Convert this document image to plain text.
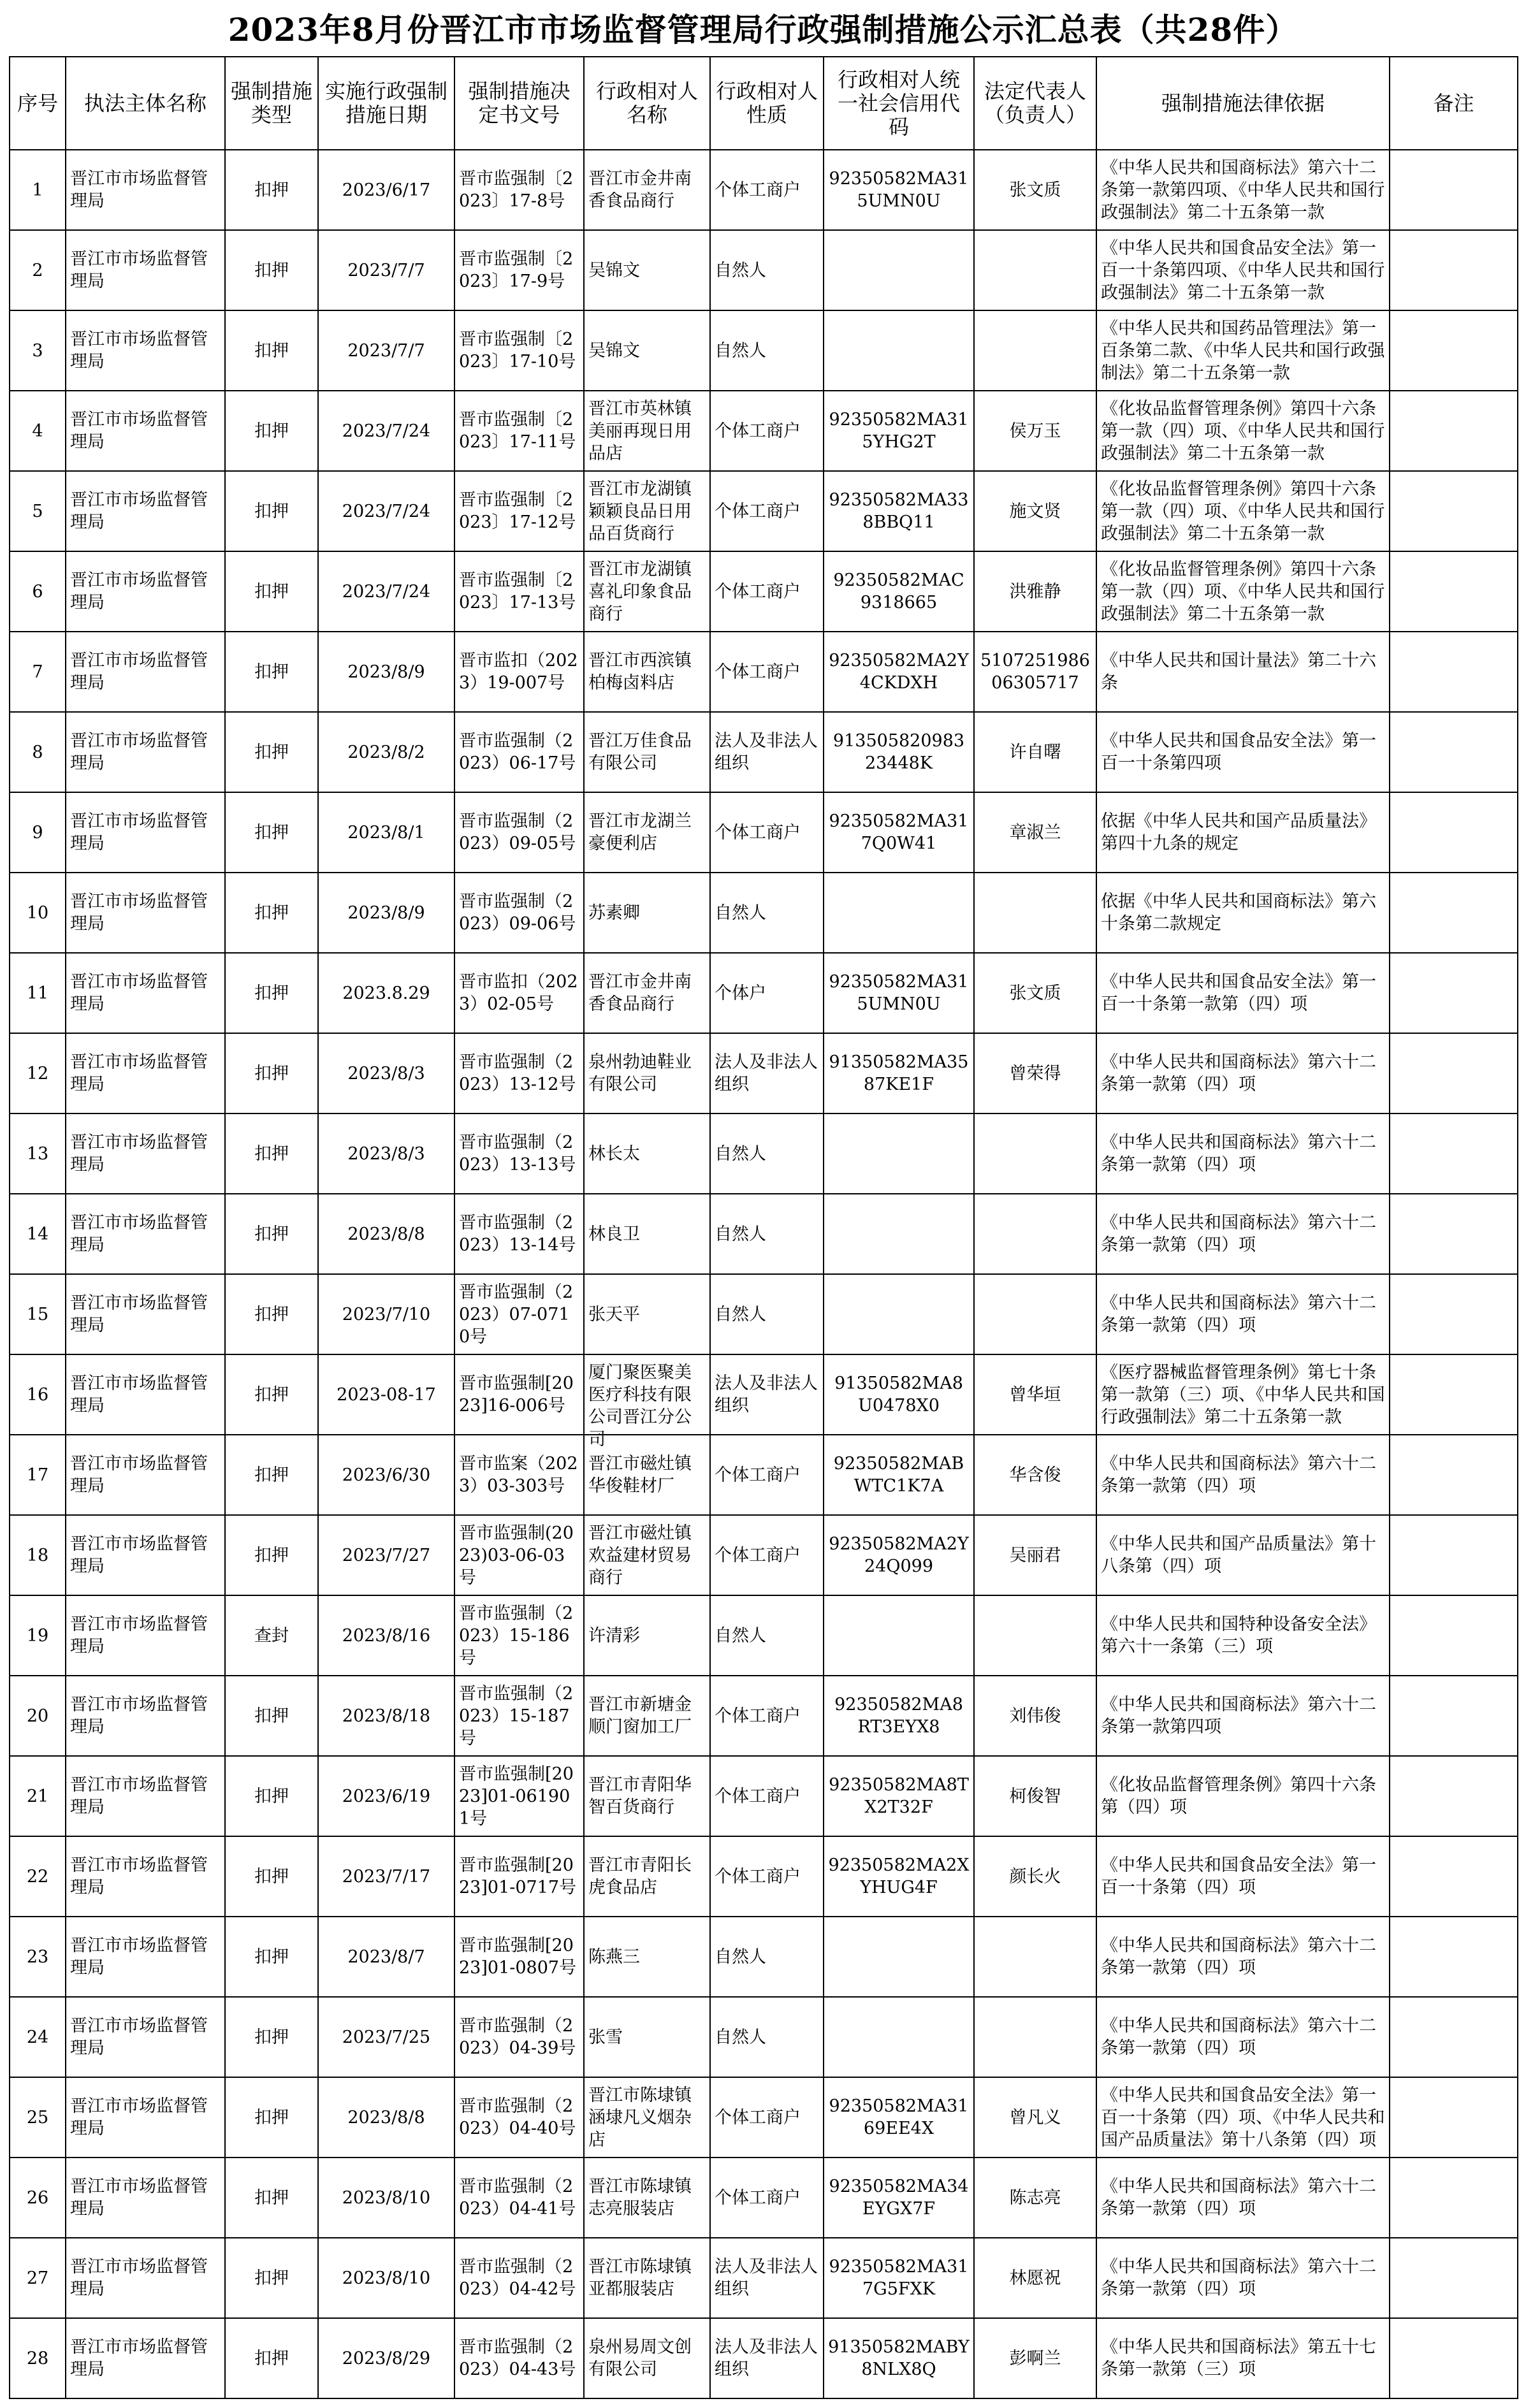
2023年8月份晋江市市场监督管理局行政强制措施公示汇总表（共28件）
序号	执法主体名称	强制措施类型	实施行政强制措施日期	强制措施决定书文号	行政相对人名称	行政相对人性质	行政相对人统一社会信用代码	法定代表人（负责人）	强制措施法律依据	备注

1	晋江市市场监督管理局	扣押	2023/6/17	晋市监强制〔2023〕17-8号	晋江市金井南香食品商行	个体工商户	92350582MA315UMN0U	张文质	《中华人民共和国商标法》第六十二条第一款第四项、《中华人民共和国行政强制法》第二十五条第一款	

2	晋江市市场监督管理局	扣押	2023/7/7	晋市监强制〔2023〕17-9号	吴锦文	自然人			《中华人民共和国食品安全法》第一百一十条第四项、《中华人民共和国行政强制法》第二十五条第一款	

3	晋江市市场监督管理局	扣押	2023/7/7	晋市监强制〔2023〕17-10号	吴锦文	自然人			《中华人民共和国药品管理法》第一百条第二款、《中华人民共和国行政强制法》第二十五条第一款	

4	晋江市市场监督管理局	扣押	2023/7/24	晋市监强制〔2023〕17-11号	晋江市英林镇美丽再现日用品店	个体工商户	92350582MA315YHG2T	侯万玉	《化妆品监督管理条例》第四十六条第一款（四）项、《中华人民共和国行政强制法》第二十五条第一款	

5	晋江市市场监督管理局	扣押	2023/7/24	晋市监强制〔2023〕17-12号	晋江市龙湖镇颖颖良品日用品百货商行	个体工商户	92350582MA338BBQ11	施文贤	《化妆品监督管理条例》第四十六条第一款（四）项、《中华人民共和国行政强制法》第二十五条第一款	

6	晋江市市场监督管理局	扣押	2023/7/24	晋市监强制〔2023〕17-13号	晋江市龙湖镇喜礼印象食品商行	个体工商户	92350582MAC9318665	洪雅静	《化妆品监督管理条例》第四十六条第一款（四）项、《中华人民共和国行政强制法》第二十五条第一款	

7	晋江市市场监督管理局	扣押	2023/8/9	晋市监扣（2023）19-007号	晋江市西滨镇柏梅卤料店	个体工商户	92350582MA2Y4CKDXH	510725198606305717	《中华人民共和国计量法》第二十六条	

8	晋江市市场监督管理局	扣押	2023/8/2	晋市监强制（2023）06-17号	晋江万佳食品有限公司	法人及非法人组织	913505820983 23448K	许自曙	《中华人民共和国食品安全法》第一百一十条第四项	

9	晋江市市场监督管理局	扣押	2023/8/1	晋市监强制（2023）09-05号	晋江市龙湖兰豪便利店	个体工商户	92350582MA317Q0W41	章淑兰	依据《中华人民共和国产品质量法》第四十九条的规定	

10	晋江市市场监督管理局	扣押	2023/8/9	晋市监强制（2023）09-06号	苏素卿	自然人			依据《中华人民共和国商标法》第六十条第二款规定	

11	晋江市市场监督管理局	扣押	2023.8.29	晋市监扣（2023）02-05号	晋江市金井南香食品商行	个体户	92350582MA315UMN0U	张文质	《中华人民共和国食品安全法》第一百一十条第一款第（四）项	

12	晋江市市场监督管理局	扣押	2023/8/3	晋市监强制（2023）13-12号	泉州勃迪鞋业有限公司	法人及非法人组织	91350582MA3587KE1F	曾荣得	《中华人民共和国商标法》第六十二条第一款第（四）项	

13	晋江市市场监督管理局	扣押	2023/8/3	晋市监强制（2023）13-13号	林长太	自然人			《中华人民共和国商标法》第六十二条第一款第（四）项	

14	晋江市市场监督管理局	扣押	2023/8/8	晋市监强制（2023）13-14号	林良卫	自然人			《中华人民共和国商标法》第六十二条第一款第（四）项	

15	晋江市市场监督管理局	扣押	2023/7/10	晋市监强制（2023）07-0710号	张天平	自然人			《中华人民共和国商标法》第六十二条第一款第（四）项	

16	晋江市市场监督管理局	扣押	2023-08-17	晋市监强制[2023]16-006号	厦门聚医聚美医疗科技有限公司晋江分公司	法人及非法人组织	91350582MA8U0478X0	曾华垣	《医疗器械监督管理条例》第七十条第一款第（三）项、《中华人民共和国行政强制法》第二十五条第一款	

17	晋江市市场监督管理局	扣押	2023/6/30	晋市监案（2023）03-303号	晋江市磁灶镇华俊鞋材厂	个体工商户	92350582MABWTC1K7A	华含俊	《中华人民共和国商标法》第六十二条第一款第（四）项	

18	晋江市市场监督管理局	扣押	2023/7/27	晋市监强制(2023)03-06-03号	晋江市磁灶镇欢益建材贸易商行	个体工商户	92350582MA2Y24Q099	吴丽君	《中华人民共和国产品质量法》第十八条第（四）项	

19	晋江市市场监督管理局	查封	2023/8/16	晋市监强制（2023）15-186号	许清彩	自然人			《中华人民共和国特种设备安全法》第六十一条第（三）项	

20	晋江市市场监督管理局	扣押	2023/8/18	晋市监强制（2023）15-187号	晋江市新塘金顺门窗加工厂	个体工商户	92350582MA8RT3EYX8	刘伟俊	《中华人民共和国商标法》第六十二条第一款第四项	

21	晋江市市场监督管理局	扣押	2023/6/19	晋市监强制[2023]01-061901号	晋江市青阳华智百货商行	个体工商户	92350582MA8TX2T32F	柯俊智	《化妆品监督管理条例》第四十六条第（四）项	

22	晋江市市场监督管理局	扣押	2023/7/17	晋市监强制[2023]01-0717号	晋江市青阳长虎食品店	个体工商户	92350582MA2XYHUG4F	颜长火	《中华人民共和国食品安全法》第一百一十条第（四）项	

23	晋江市市场监督管理局	扣押	2023/8/7	晋市监强制[2023]01-0807号	陈燕三	自然人			《中华人民共和国商标法》第六十二条第一款第（四）项	

24	晋江市市场监督管理局	扣押	2023/7/25	晋市监强制（2023）04-39号	张雪	自然人			《中华人民共和国商标法》第六十二条第一款第（四）项	

25	晋江市市场监督管理局	扣押	2023/8/8	晋市监强制（2023）04-40号	晋江市陈埭镇涵埭凡义烟杂店	个体工商户	92350582MA3169EE4X	曾凡义	《中华人民共和国食品安全法》第一百一十条第（四）项、《中华人民共和国产品质量法》第十八条第（四）项	

26	晋江市市场监督管理局	扣押	2023/8/10	晋市监强制（2023）04-41号	晋江市陈埭镇志亮服装店	个体工商户	92350582MA34EYGX7F	陈志亮	《中华人民共和国商标法》第六十二条第一款第（四）项	

27	晋江市市场监督管理局	扣押	2023/8/10	晋市监强制（2023）04-42号	晋江市陈埭镇亚都服装店	法人及非法人组织	92350582MA317G5FXK	林愿祝	《中华人民共和国商标法》第六十二条第一款第（四）项	

28	晋江市市场监督管理局	扣押	2023/8/29	晋市监强制（2023）04-43号	泉州易周文创有限公司	法人及非法人组织	91350582MABY8NLX8Q	彭啊兰	《中华人民共和国商标法》第五十七条第一款第（三）项	
